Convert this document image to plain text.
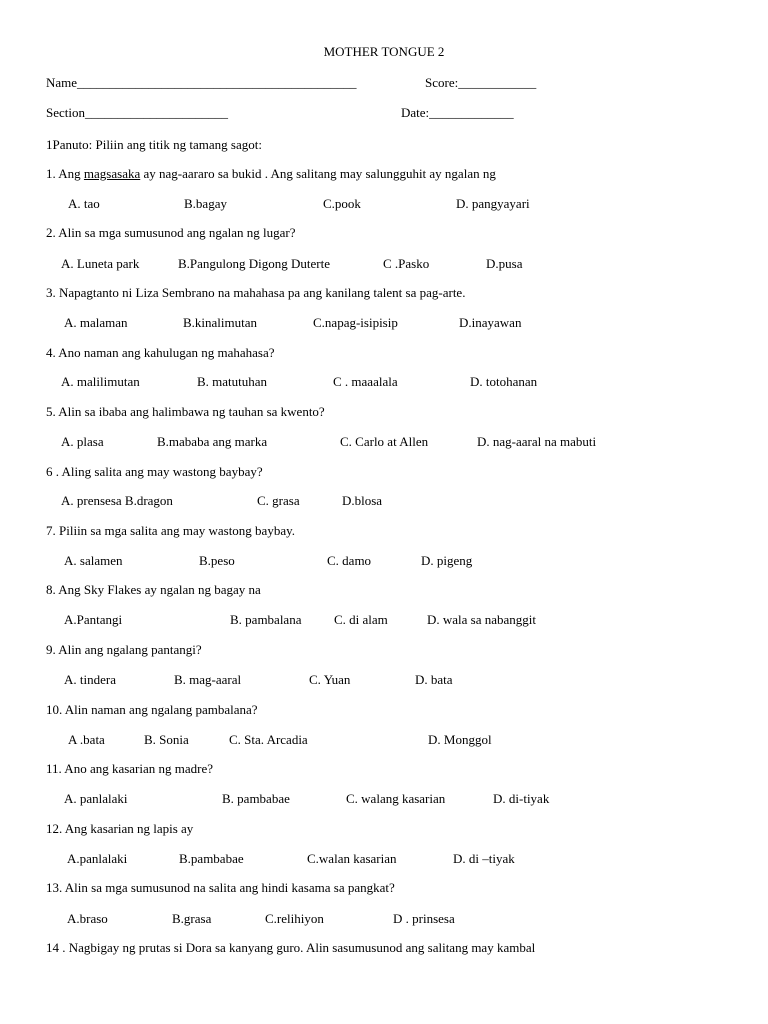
MOTHER TONGUE 2
Name___________________________________________	Score:____________
Section______________________	Date:_____________
1Panuto: Piliin ang titik ng tamang sagot:
1. Ang magsasaka ay nag-aararo sa bukid . Ang salitang may salungguhit ay ngalan ng
A. tao	B.bagay	C.pook	D. pangyayari
2. Alin sa mga sumusunod ang ngalan ng lugar?
A. Luneta park	B.Pangulong Digong Duterte	C .Pasko	D.pusa
3. Napagtanto ni Liza Sembrano na mahahasa pa ang kanilang talent sa pag-arte.
A. malaman	B.kinalimutan	C.napag-isipisip	D.inayawan
4. Ano naman ang kahulugan ng mahahasa?
A. malilimutan	B. matutuhan	C . maaalala	D. totohanan
5. Alin sa ibaba ang halimbawa ng tauhan sa kwento?
A. plasa	B.mababa ang marka	C. Carlo at Allen	D. nag-aaral na mabuti
6 . Aling salita ang may wastong baybay?
A. prensesa B.dragon	C. grasa	D.blosa
7. Piliin sa mga salita ang may wastong baybay.
A. salamen	B.peso	C. damo	D. pigeng
8. Ang Sky Flakes ay ngalan ng bagay na
A.Pantangi	B. pambalana	C. di alam	D. wala sa nabanggit
9. Alin ang ngalang pantangi?
A. tindera	B. mag-aaral	C. Yuan	D. bata
10. Alin naman ang ngalang pambalana?
A .bata	B. Sonia	C. Sta. Arcadia	D. Monggol
11. Ano ang kasarian ng madre?
A. panlalaki	B. pambabae	C. walang kasarian	D. di-tiyak
12. Ang kasarian ng lapis ay
A.panlalaki	B.pambabae	C.walan kasarian	D. di –tiyak
13. Alin sa mga sumusunod na salita ang hindi kasama sa pangkat?
A.braso	B.grasa	C.relihiyon	D . prinsesa
14 . Nagbigay ng prutas si Dora sa kanyang guro. Alin sasumusunod ang salitang may kambal
